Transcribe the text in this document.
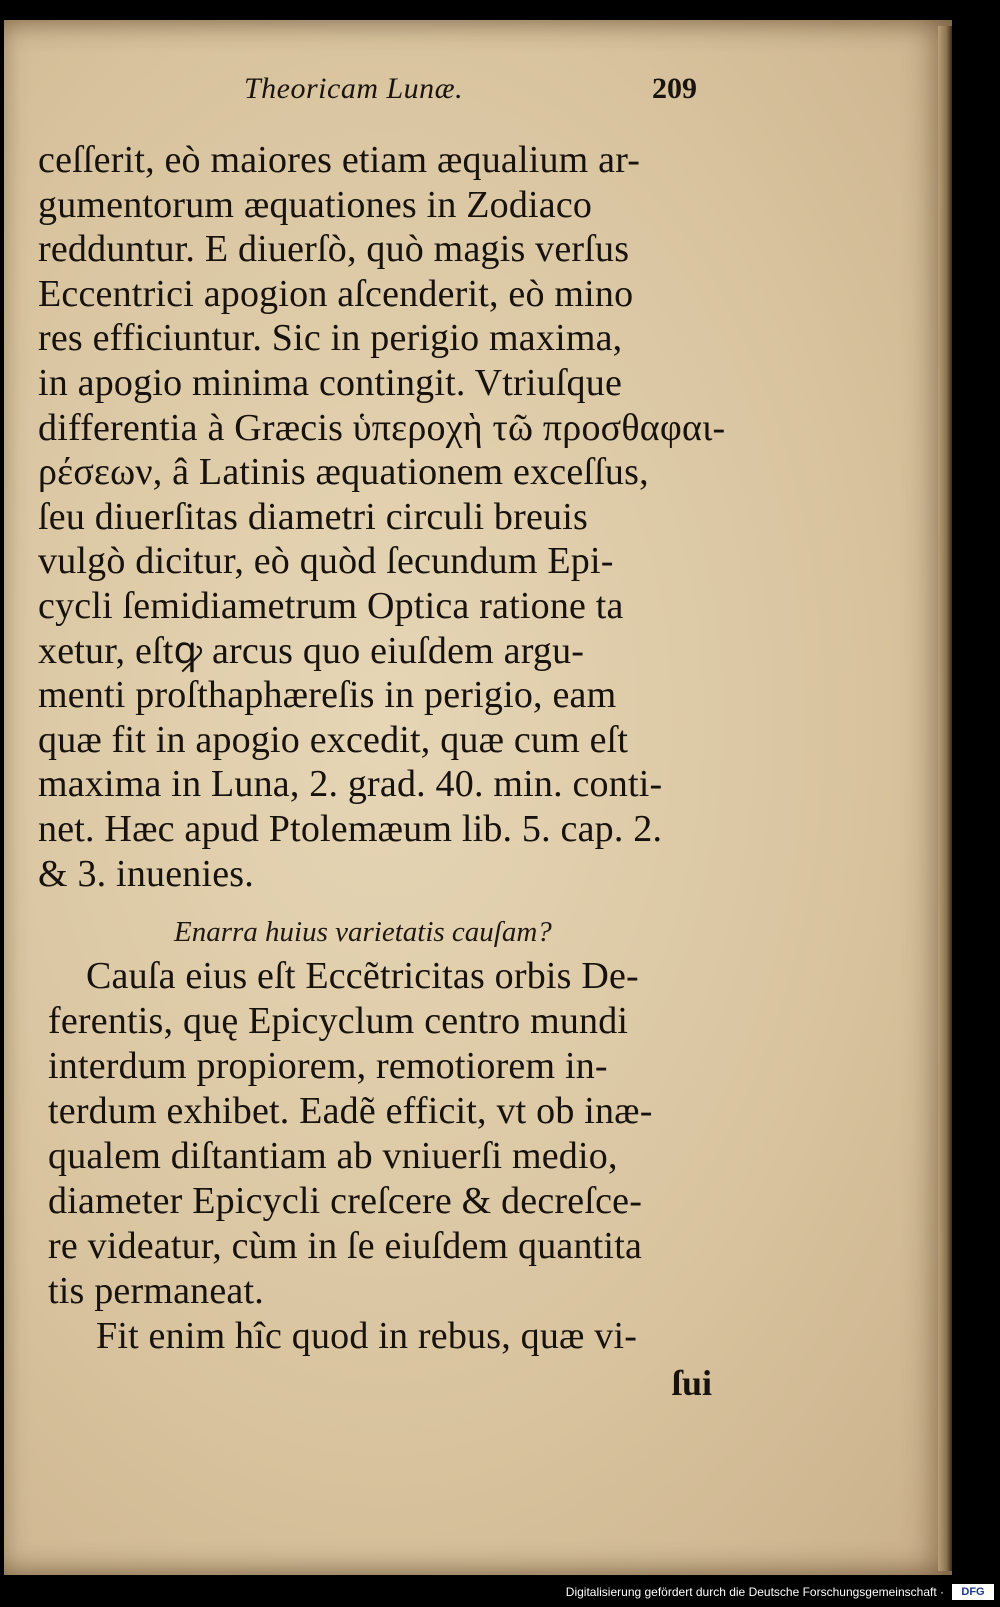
Theoricam Lunæ.	209
ceſſerit, eò maiores etiam æqualium ar-
gumentorum æquationes in Zodiaco
redduntur. E diuerſò, quò magis verſus
Eccentrici apogion aſcenderit, eò mino
res efficiuntur. Sic in perigio maxima,
in apogio minima contingit. Vtriuſque
differentia à Græcis ὑπεροχὴ τῶ προσθαφαι-
ρέσεων, â Latinis æquationem exceſſus,
ſeu diuerſitas diametri circuli breuis
vulgò dicitur, eò quòd ſecundum Epi-
cycli ſemidiametrum Optica ratione ta
xetur, eſtꝙ arcus quo eiuſdem argu-
menti proſthaphæreſis in perigio, eam
quæ fit in apogio excedit, quæ cum eſt
maxima in Luna, 2. grad. 40. min. conti-
net. Hæc apud Ptolemæum lib. 5. cap. 2.
& 3. inuenies.
Enarra huius varietatis cauſam?
Cauſa eius eſt Eccẽtricitas orbis De-
ferentis, quę Epicyclum centro mundi
interdum propiorem, remotiorem in-
terdum exhibet. Eadẽ efficit, vt ob inæ-
qualem diſtantiam ab vniuerſi medio,
diameter Epicycli creſcere & decreſce-
re videatur, cùm in ſe eiuſdem quantita
tis permaneat.
Fit enim hîc quod in rebus, quæ vi-
ſui
Digitalisierung gefördert durch die Deutsche Forschungsgemeinschaft ·	DFG
